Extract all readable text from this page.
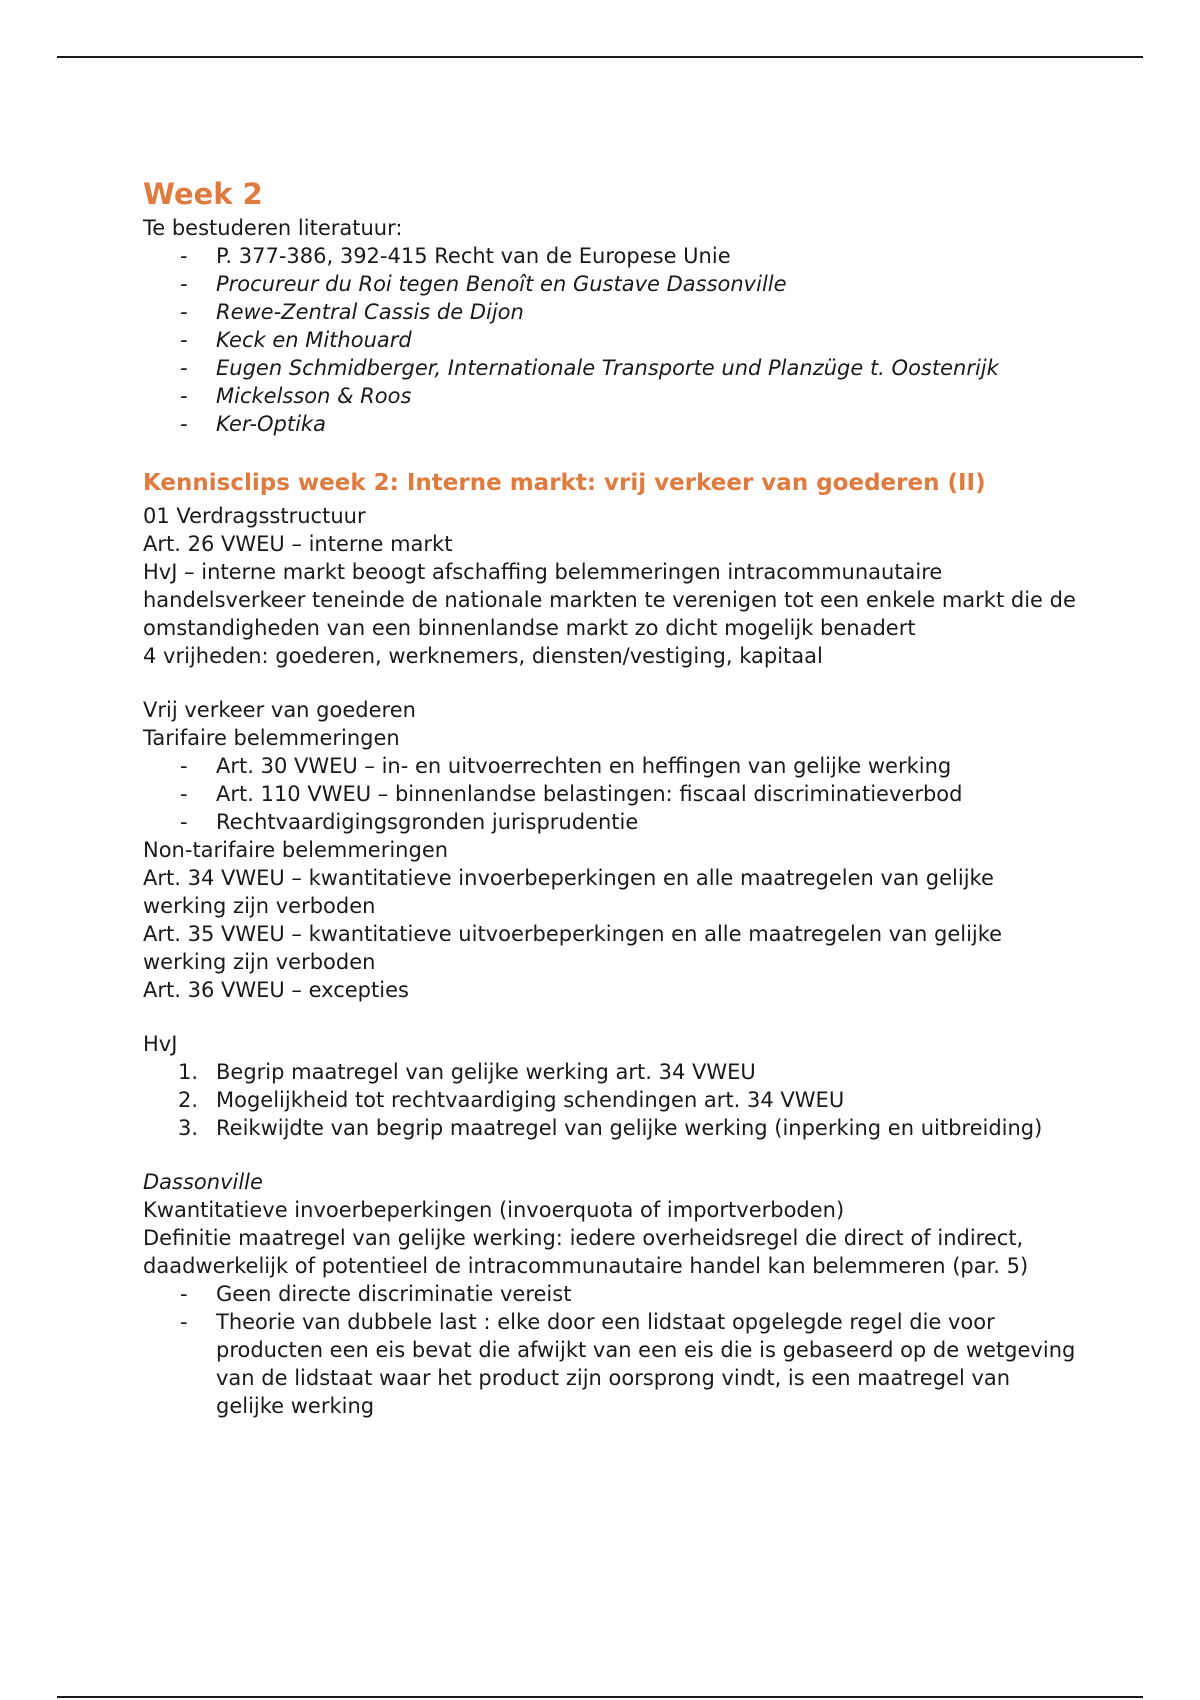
Week 2

Te bestuderen literatuur:

- P. 377-386, 392-415 Recht van de Europese Unie
- Procureur du Roi tegen Benoît en Gustave Dassonville
- Rewe-Zentral Cassis de Dijon
- Keck en Mithouard
- Eugen Schmidberger, Internationale Transporte und Planzüge t. Oostenrijk
- Mickelsson & Roos
- Ker-Optika
Kennisclips week 2: Interne markt: vrij verkeer van goederen (II)

01 Verdragsstructuur

Art. 26 VWEU – interne markt

HvJ – interne markt beoogt afschaffing belemmeringen intracommunautaire handelsverkeer teneinde de nationale markten te verenigen tot een enkele markt die de omstandigheden van een binnenlandse markt zo dicht mogelijk benadert

4 vrijheden: goederen, werknemers, diensten/vestiging, kapitaal

Vrij verkeer van goederen

Tarifaire belemmeringen

- Art. 30 VWEU – in- en uitvoerrechten en heffingen van gelijke werking
- Art. 110 VWEU – binnenlandse belastingen: fiscaal discriminatieverbod
- Rechtvaardigingsgronden jurisprudentie

Non-tarifaire belemmeringen

Art. 34 VWEU – kwantitatieve invoerbeperkingen en alle maatregelen van gelijke werking zijn verboden

Art. 35 VWEU – kwantitatieve uitvoerbeperkingen en alle maatregelen van gelijke werking zijn verboden

Art. 36 VWEU – excepties

HvJ

1. Begrip maatregel van gelijke werking art. 34 VWEU
2. Mogelijkheid tot rechtvaardiging schendingen art. 34 VWEU
3. Reikwijdte van begrip maatregel van gelijke werking (inperking en uitbreiding)

Dassonville

Kwantitatieve invoerbeperkingen (invoerquota of importverboden)

Definitie maatregel van gelijke werking: iedere overheidsregel die direct of indirect, daadwerkelijk of potentieel de intracommunautaire handel kan belemmeren (par. 5)

- Geen directe discriminatie vereist
- Theorie van dubbele last : elke door een lidstaat opgelegde regel die voor producten een eis bevat die afwijkt van een eis die is gebaseerd op de wetgeving van de lidstaat waar het product zijn oorsprong vindt, is een maatregel van gelijke werking
